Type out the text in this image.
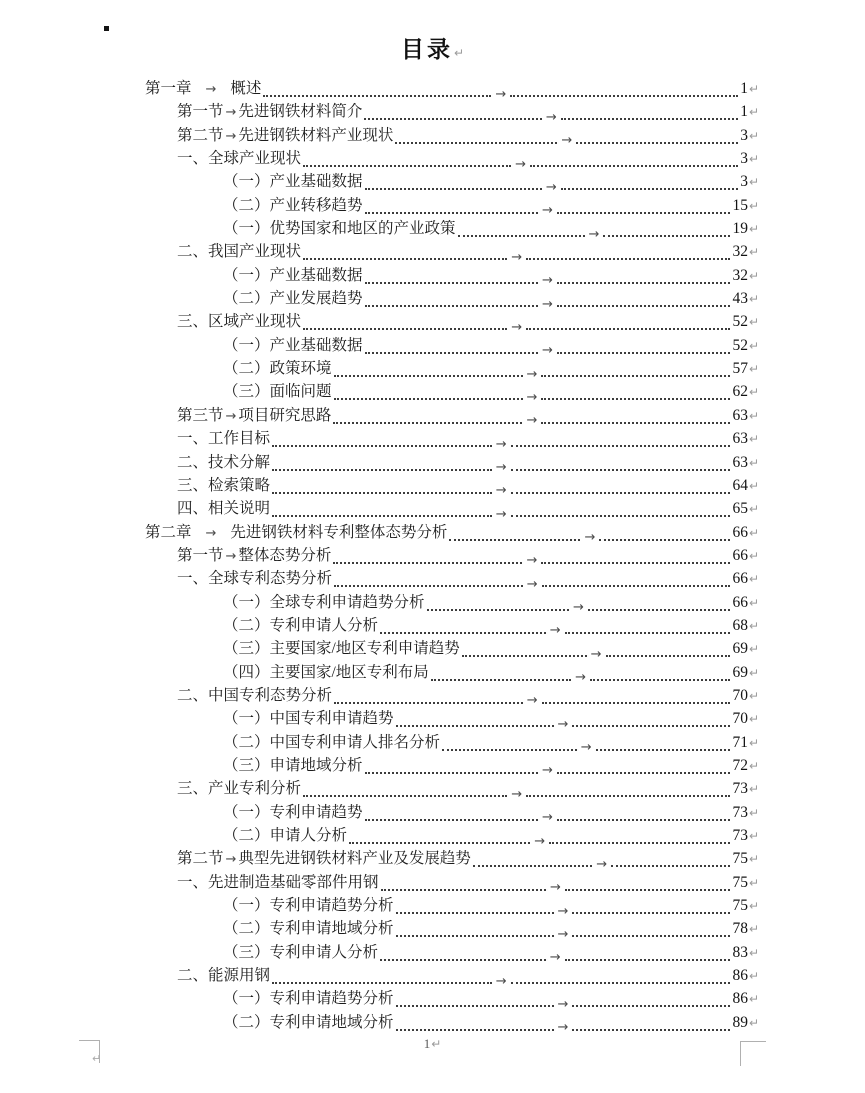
目录↵
第一章 → 概述	→	1 ↵
第一节 → 先进钢铁材料简介	→	1 ↵
第二节 → 先进钢铁材料产业现状	→	3 ↵
一、全球产业现状	→	3 ↵
（一）产业基础数据	→	3 ↵
（二）产业转移趋势	→	15 ↵
（一）优势国家和地区的产业政策	→	19 ↵
二、我国产业现状	→	32 ↵
（一）产业基础数据	→	32 ↵
（二）产业发展趋势	→	43 ↵
三、区域产业现状	→	52 ↵
（一）产业基础数据	→	52 ↵
（二）政策环境	→	57 ↵
（三）面临问题	→	62 ↵
第三节 → 项目研究思路	→	63 ↵
一、工作目标	→	63 ↵
二、技术分解	→	63 ↵
三、检索策略	→	64 ↵
四、相关说明	→	65 ↵
第二章 → 先进钢铁材料专利整体态势分析	→	66 ↵
第一节 → 整体态势分析	→	66 ↵
一、全球专利态势分析	→	66 ↵
（一）全球专利申请趋势分析	→	66 ↵
（二）专利申请人分析	→	68 ↵
（三）主要国家/地区专利申请趋势	→	69 ↵
（四）主要国家/地区专利布局	→	69 ↵
二、中国专利态势分析	→	70 ↵
（一）中国专利申请趋势	→	70 ↵
（二）中国专利申请人排名分析	→	71 ↵
（三）申请地域分析	→	72 ↵
三、产业专利分析	→	73 ↵
（一）专利申请趋势	→	73 ↵
（二）申请人分析	→	73 ↵
第二节 → 典型先进钢铁材料产业及发展趋势	→	75 ↵
一、先进制造基础零部件用钢	→	75 ↵
（一）专利申请趋势分析	→	75 ↵
（二）专利申请地域分析	→	78 ↵
（三）专利申请人分析	→	83 ↵
二、能源用钢	→	86 ↵
（一）专利申请趋势分析	→	86 ↵
（二）专利申请地域分析	→	89 ↵
1↵
↵
